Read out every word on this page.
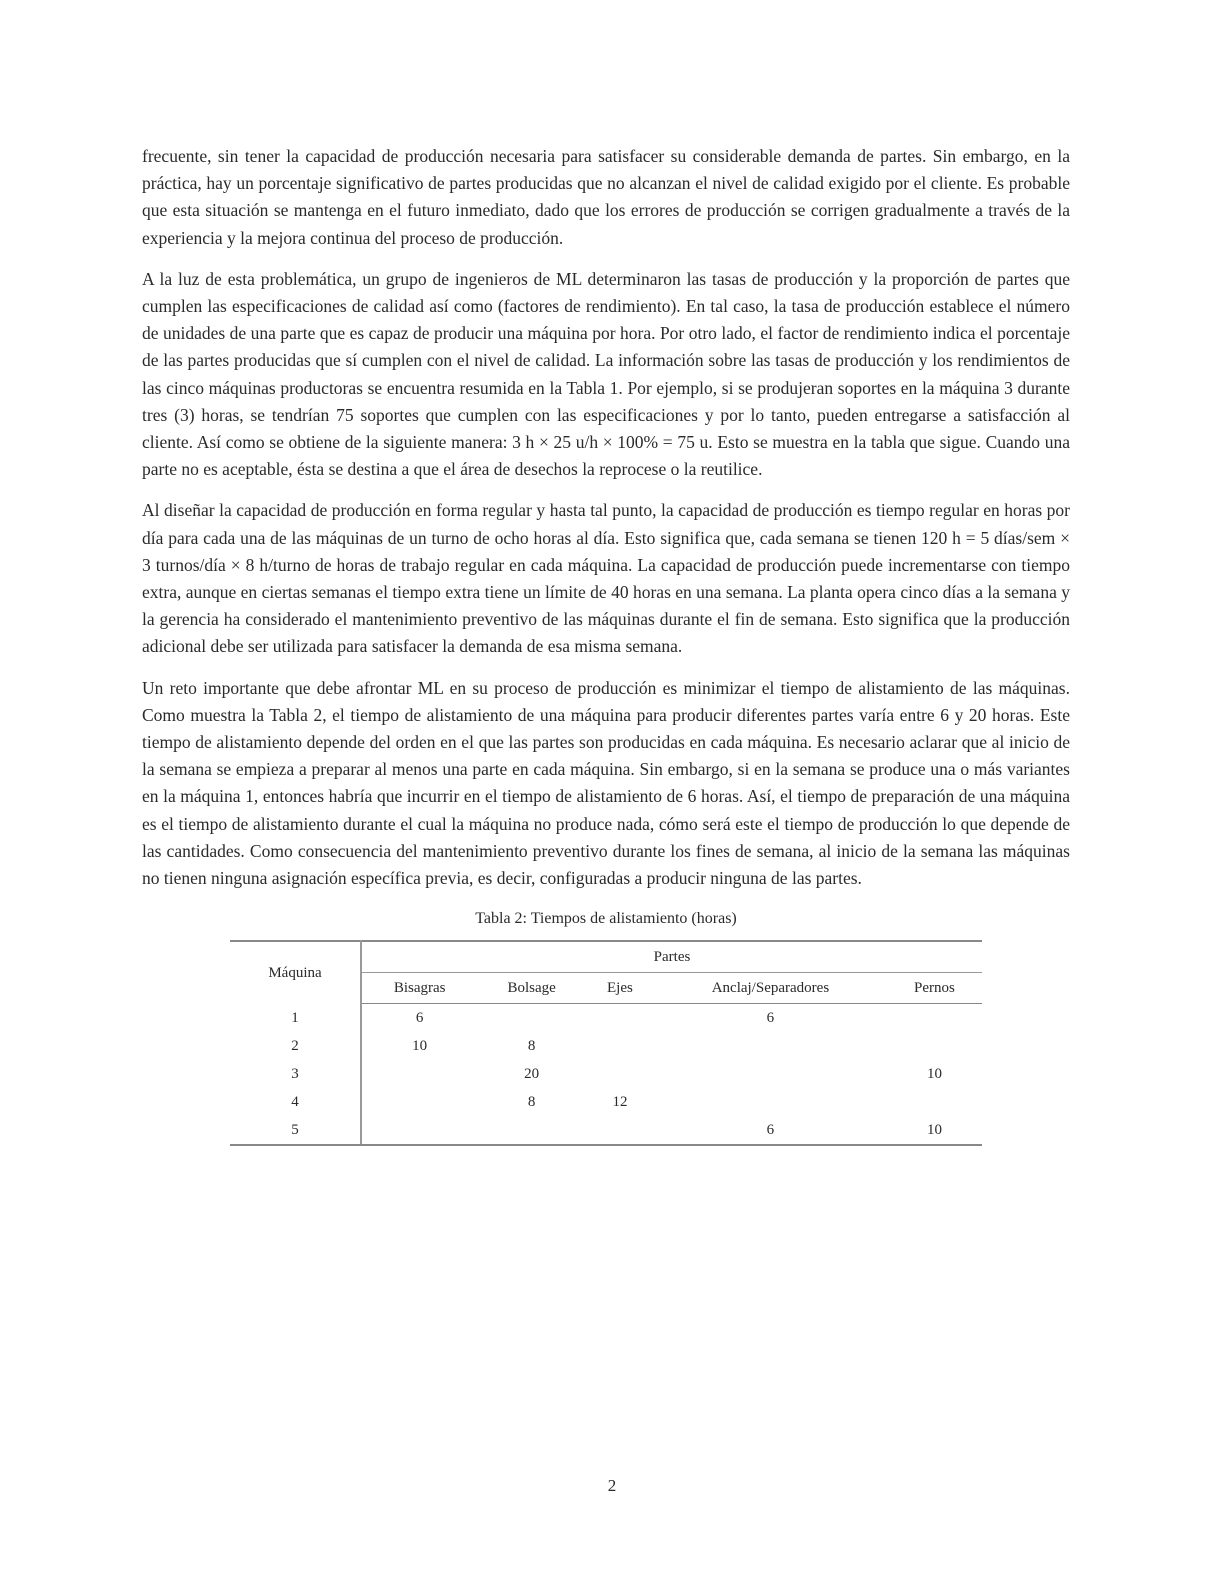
frecuente, sin tener la capacidad de producción necesaria para satisfacer su considerable demanda de partes. Sin embargo, en la práctica, hay un porcentaje significativo de partes producidas que no alcanzan el nivel de calidad exigido por el cliente. Es probable que esta situación se mantenga en el futuro inmediato, dado que los errores de producción se corrigen gradualmente a través de la experiencia y la mejora continua del proceso de producción.

A la luz de esta problemática, un grupo de ingenieros de ML determinaron las tasas de producción y la proporción de partes que cumplen las especificaciones de calidad así como (factores de rendimiento). En tal caso, la tasa de producción establece el número de unidades de una parte que es capaz de producir una máquina por hora. Por otro lado, el factor de rendimiento indica el porcentaje de las partes producidas que sí cumplen con el nivel de calidad. La información sobre las tasas de producción y los rendimientos de las cinco máquinas productoras se encuentra resumida en la Tabla 1. Por ejemplo, si se produjeran soportes en la máquina 3 durante tres (3) horas, se tendrían 75 soportes que cumplen con las especificaciones y por lo tanto, pueden entregarse a satisfacción al cliente. Así como se obtiene de la siguiente manera: 3 h × 25 u/h × 100% = 75 u. Esto se muestra en la tabla que sigue. Cuando una parte no es aceptable, ésta se destina a que el área de desechos la reprocese o la reutilice.

Al diseñar la capacidad de producción en forma regular y hasta tal punto, la capacidad de producción es tiempo regular en horas por día para cada una de las máquinas de un turno de ocho horas al día. Esto significa que, cada semana se tienen 120 h = 5 días/sem × 3 turnos/día × 8 h/turno de horas de trabajo regular en cada máquina. La capacidad de producción puede incrementarse con tiempo extra, aunque en ciertas semanas el tiempo extra tiene un límite de 40 horas en una semana. La planta opera cinco días a la semana y la gerencia ha considerado el mantenimiento preventivo de las máquinas durante el fin de semana. Esto significa que la producción adicional debe ser utilizada para satisfacer la demanda de esa misma semana.

Un reto importante que debe afrontar ML en su proceso de producción es minimizar el tiempo de alistamiento de las máquinas. Como muestra la Tabla 2, el tiempo de alistamiento de una máquina para producir diferentes partes varía entre 6 y 20 horas. Este tiempo de alistamiento depende del orden en el que las partes son producidas en cada máquina. Es necesario aclarar que al inicio de la semana se empieza a preparar al menos una parte en cada máquina. Sin embargo, si en la semana se produce una o más variantes en la máquina 1, entonces habría que incurrir en el tiempo de alistamiento de 6 horas. Así, el tiempo de preparación de una máquina es el tiempo de alistamiento durante el cual la máquina no produce nada, cómo será este el tiempo de producción lo que depende de las cantidades. Como consecuencia del mantenimiento preventivo durante los fines de semana, al inicio de la semana las máquinas no tienen ninguna asignación específica previa, es decir, configuradas a producir ninguna de las partes.

Tabla 2: Tiempos de alistamiento (horas)
Máquina	Partes				
	Bisagras	Bolsage	Ejes	Anclaj/Separadores	Pernos
1	6			6	
2	10	8			
3		20			10
4		8	12		
5				6	10
2
